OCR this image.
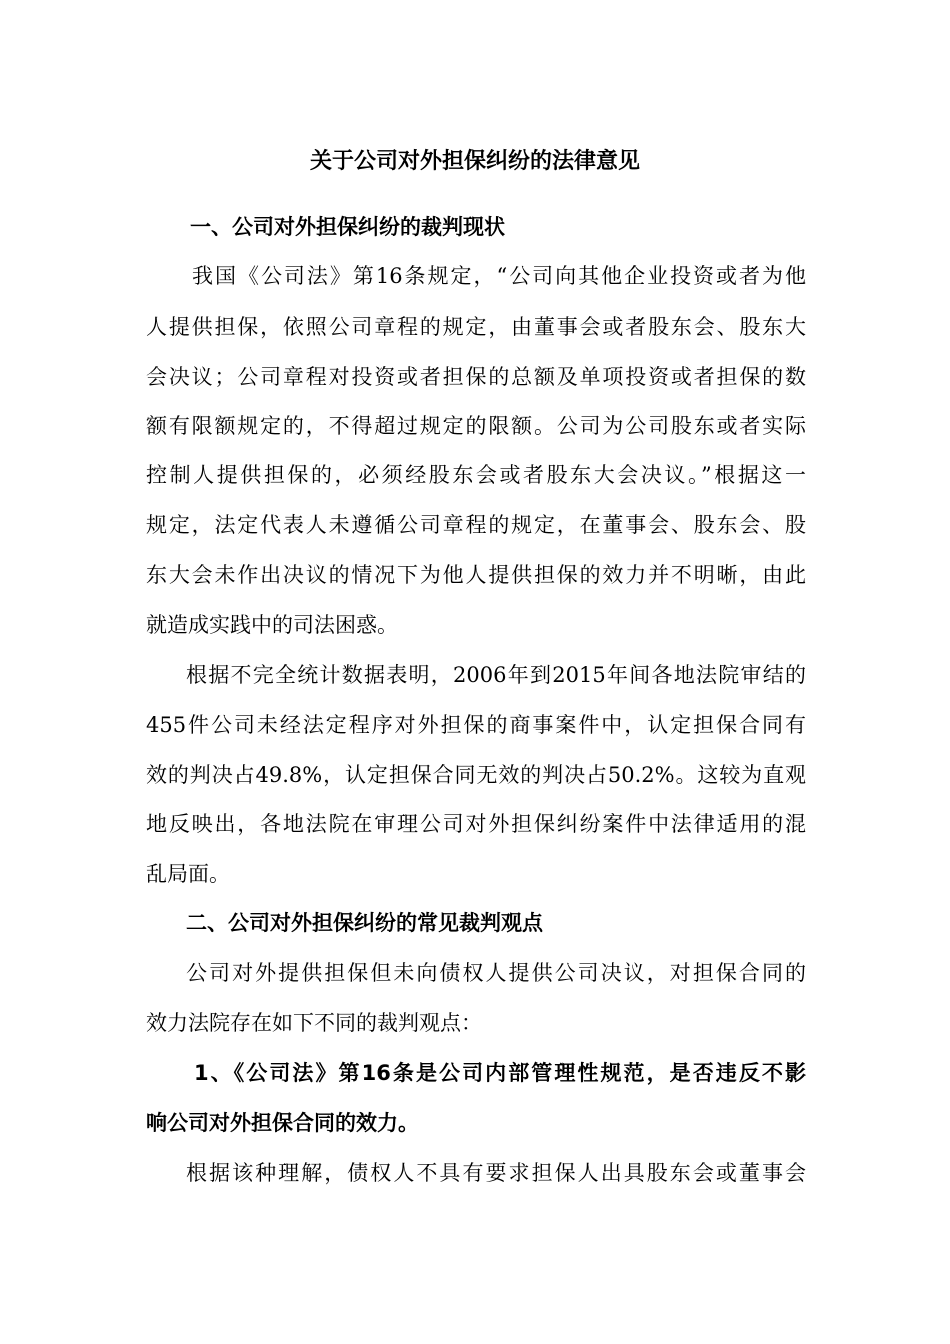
关于公司对外担保纠纷的法律意见
一、公司对外担保纠纷的裁判现状
我国《公司法》第16条规定，“公司向其他企业投资或者为他
人提供担保，依照公司章程的规定，由董事会或者股东会、股东大
会决议；公司章程对投资或者担保的总额及单项投资或者担保的数
额有限额规定的，不得超过规定的限额。公司为公司股东或者实际
控制人提供担保的，必须经股东会或者股东大会决议。”根据这一
规定，法定代表人未遵循公司章程的规定，在董事会、股东会、股
东大会未作出决议的情况下为他人提供担保的效力并不明晰，由此
就造成实践中的司法困惑。
根据不完全统计数据表明，2006年到2015年间各地法院审结的
455件公司未经法定程序对外担保的商事案件中，认定担保合同有
效的判决占49.8%，认定担保合同无效的判决占50.2%。这较为直观
地反映出，各地法院在审理公司对外担保纠纷案件中法律适用的混
乱局面。
二、公司对外担保纠纷的常见裁判观点
公司对外提供担保但未向债权人提供公司决议，对担保合同的
效力法院存在如下不同的裁判观点：
1、《公司法》第16条是公司内部管理性规范，是否违反不影
响公司对外担保合同的效力。
根据该种理解，债权人不具有要求担保人出具股东会或董事会
